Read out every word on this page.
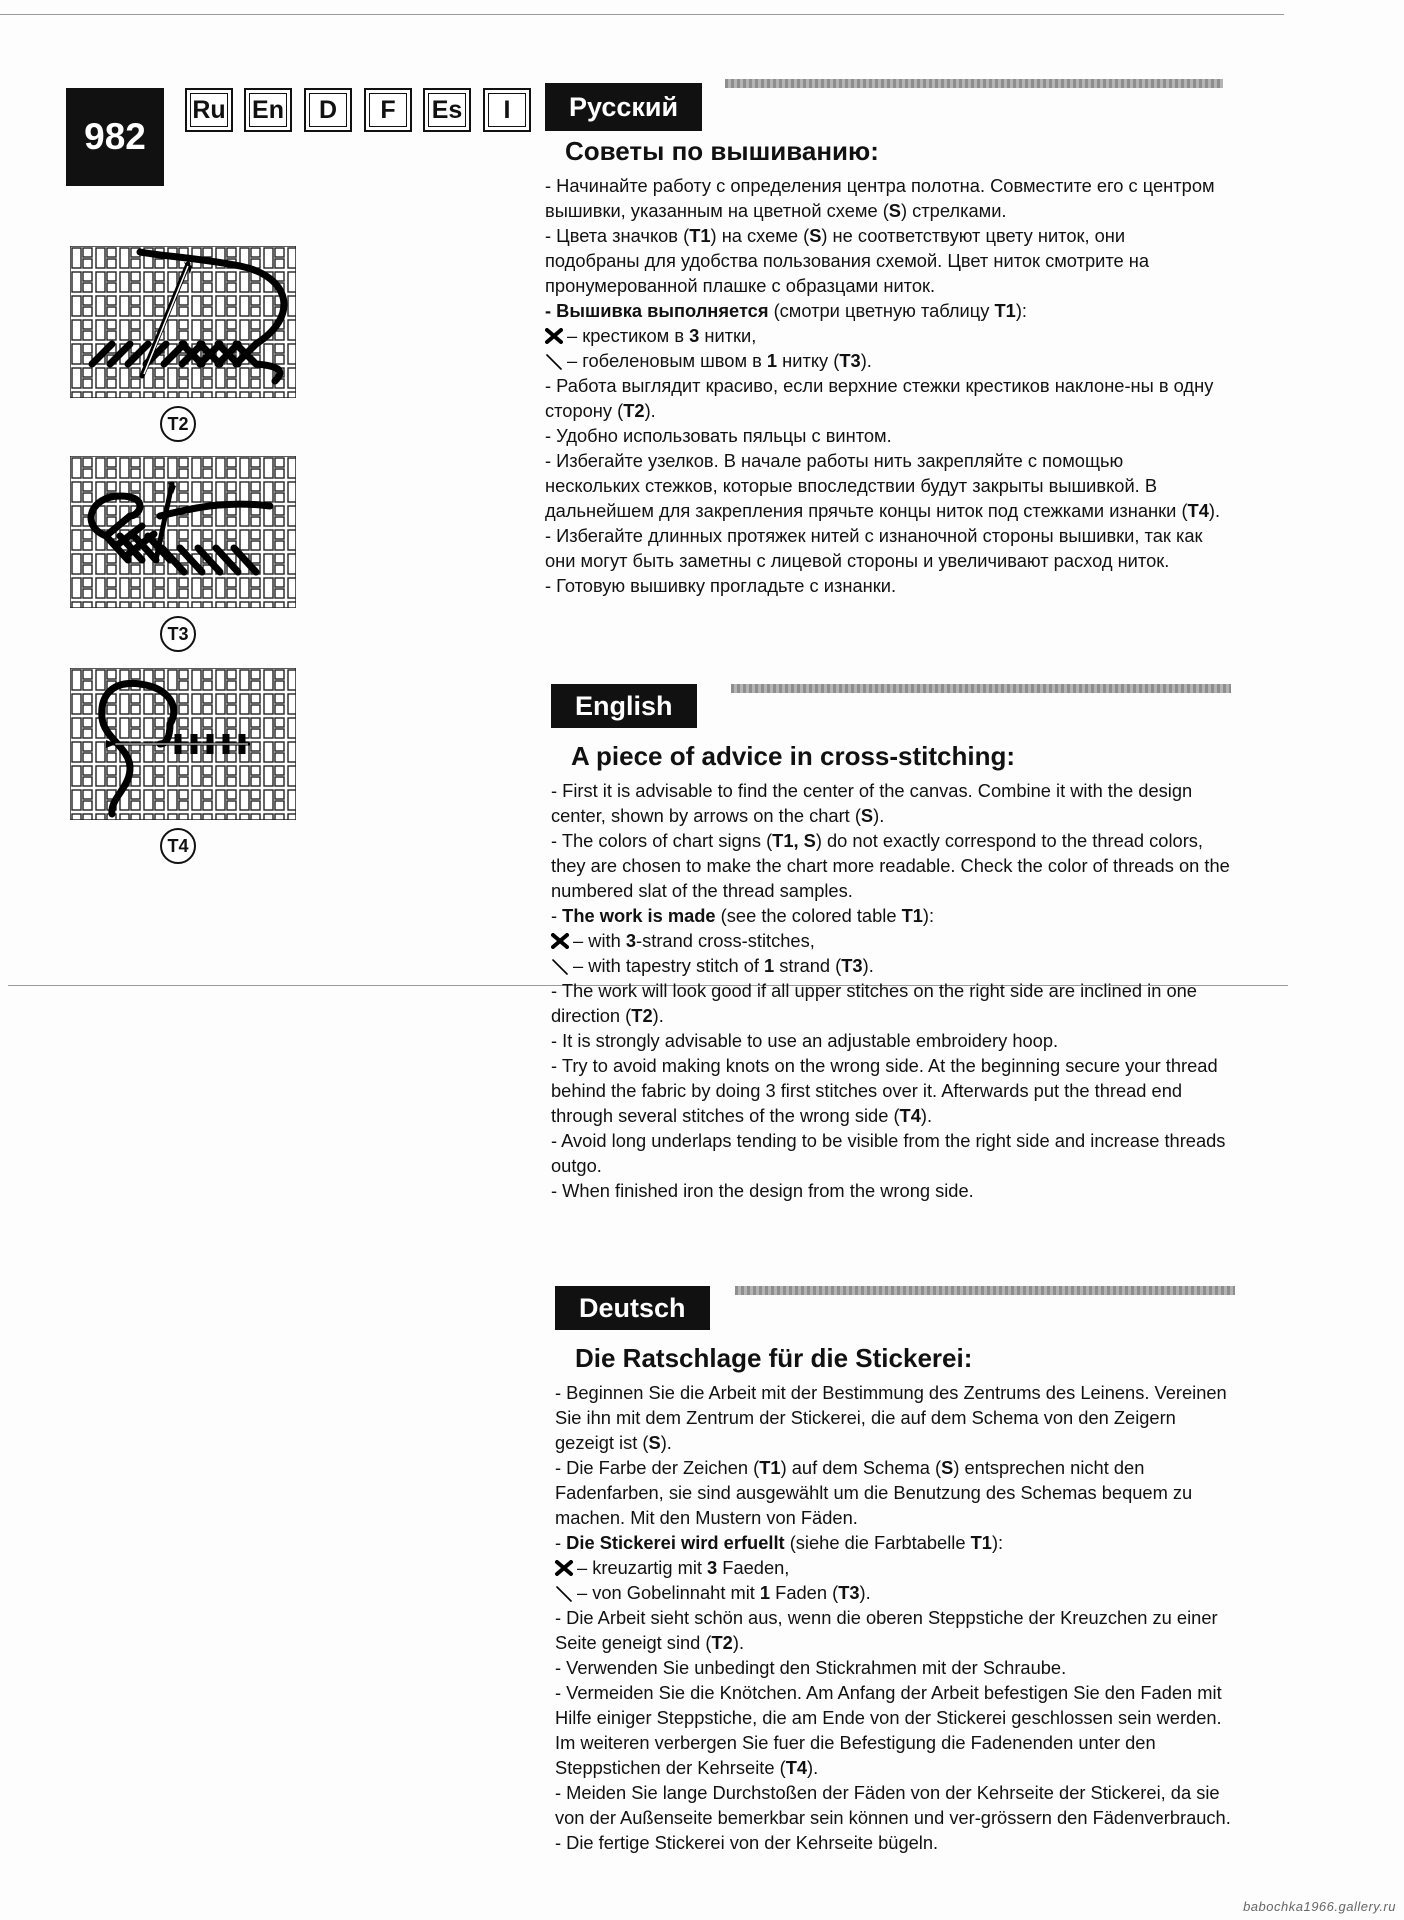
982
Ru En D F Es I
T2
T3
T4
Русский
Советы по вышиванию:

- Начинайте работу с определения центра полотна. Совместите его с центром вышивки, указанным на цветной схеме (S) стрелками.

- Цвета значков (T1) на схеме (S) не соответствуют цвету ниток, они подобраны для удобства пользования схемой. Цвет ниток смотрите на пронумерованной плашке с образцами ниток.

- Вышивка выполняется (смотри цветную таблицу T1):

– крестиком в 3 нитки,

– гобеленовым швом в 1 нитку (T3).

- Работа выглядит красиво, если верхние стежки крестиков наклоне-ны в одну сторону (T2).

- Удобно использовать пяльцы с винтом.

- Избегайте узелков. В начале работы нить закрепляйте с помощью нескольких стежков, которые впоследствии будут закрыты вышивкой. В дальнейшем для закрепления прячьте концы ниток под стежками изнанки (T4).

- Избегайте длинных протяжек нитей с изнаночной стороны вышивки, так как они могут быть заметны с лицевой стороны и увеличивают расход ниток.

- Готовую вышивку прогладьте с изнанки.

English
A piece of advice in cross-stitching:

- First it is advisable to find the center of the canvas. Combine it with the design center, shown by arrows on the chart (S).

- The colors of chart signs (T1, S) do not exactly correspond to the thread colors, they are chosen to make the chart more readable. Check the color of threads on the numbered slat of the thread samples.

- The work is made (see the colored table T1):

– with 3-strand cross-stitches,

– with tapestry stitch of 1 strand (T3).

- The work will look good if all upper stitches on the right side are inclined in one direction (T2).

- It is strongly advisable to use an adjustable embroidery hoop.

- Try to avoid making knots on the wrong side. At the beginning secure your thread behind the fabric by doing 3 first stitches over it. Afterwards put the thread end through several stitches of the wrong side (T4).

- Avoid long underlaps tending to be visible from the right side and increase threads outgo.

- When finished iron the design from the wrong side.

Deutsch
Die Ratschlage für die Stickerei:

- Beginnen Sie die Arbeit mit der Bestimmung des Zentrums des Leinens. Vereinen Sie ihn mit dem Zentrum der Stickerei, die auf dem Schema von den Zeigern gezeigt ist (S).

- Die Farbe der Zeichen (T1) auf dem Schema (S) entsprechen nicht den Fadenfarben, sie sind ausgewählt um die Benutzung des Schemas bequem zu machen. Mit den Mustern von Fäden.

- Die Stickerei wird erfuellt (siehe die Farbtabelle T1):

– kreuzartig mit 3 Faeden,

– von Gobelinnaht mit 1 Faden (T3).

- Die Arbeit sieht schön aus, wenn die oberen Steppstiche der Kreuzchen zu einer Seite geneigt sind (T2).

- Verwenden Sie unbedingt den Stickrahmen mit der Schraube.

- Vermeiden Sie die Knötchen. Am Anfang der Arbeit befestigen Sie den Faden mit Hilfe einiger Steppstiche, die am Ende von der Stickerei geschlossen sein werden. Im weiteren verbergen Sie fuer die Befestigung die Fadenenden unter den Steppstichen der Kehrseite (T4).

- Meiden Sie lange Durchstoßen der Fäden von der Kehrseite der Stickerei, da sie von der Außenseite bemerkbar sein können und ver-grössern den Fädenverbrauch.

- Die fertige Stickerei von der Kehrseite bügeln.

babochka1966.gallery.ru
